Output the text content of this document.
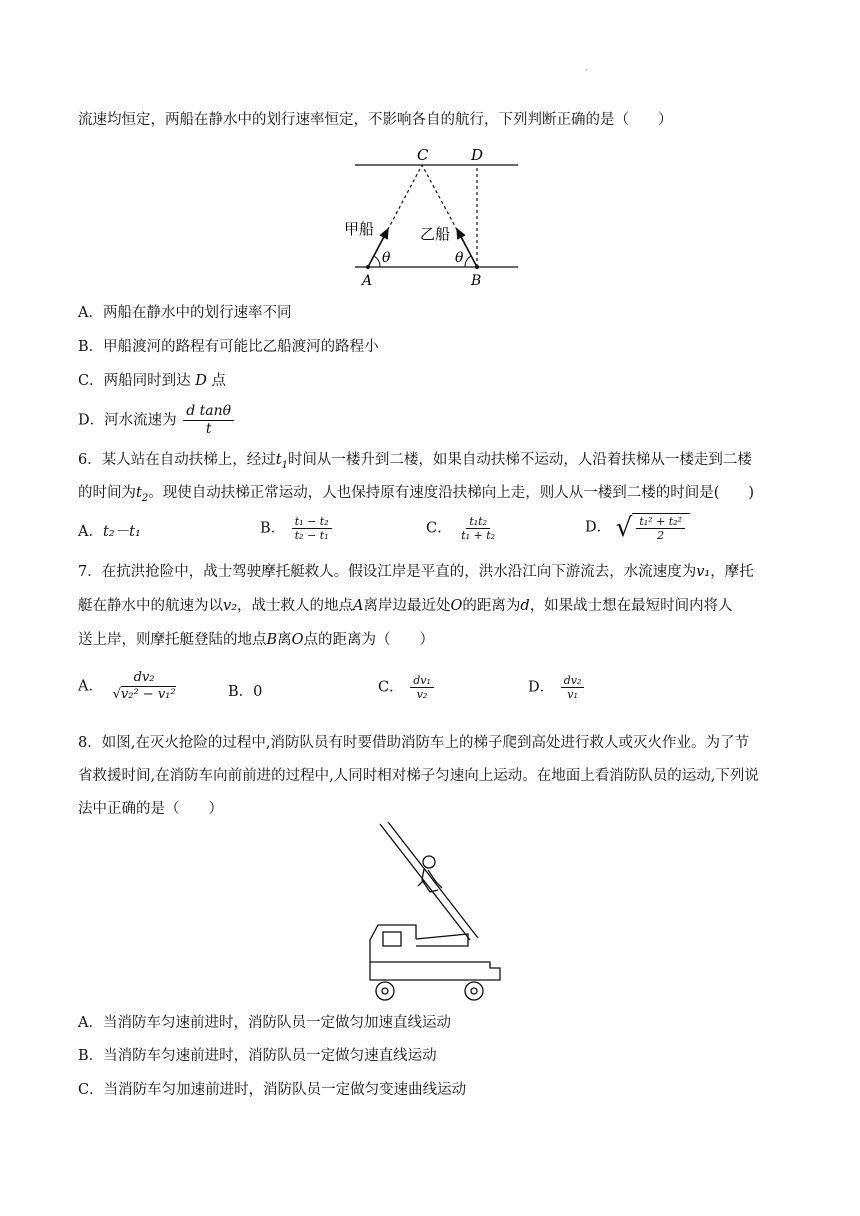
·
流速均恒定，两船在静水中的划行速率恒定，不影响各自的航行，下列判断正确的是（　　）
C	D
A	B
θ	θ
甲船	乙船
A．两船在静水中的划行速率不同
B．甲船渡河的路程有可能比乙船渡河的路程小
C．两船同时到达 D 点
D．河水流速为 $\frac{\text{d tanθ}}{t}$
6．某人站在自动扶梯上，经过$t_1$时间从一楼升到二楼，如果自动扶梯不运动，人沿着扶梯从一楼走到二楼
的时间为$t_2$。现使自动扶梯正常运动，人也保持原有速度沿扶梯向上走，则人从一楼到二楼的时间是(　　)
A．t₂－t₁	B． $\frac{\text{t₁ − t₂}}{\text{t₂ − t₁}}$	C． $\frac{\text{t₁t₂}}{\text{t₁ + t₂}}$	D． √ $\frac{\text{t₁² + t₂²}}{2}$
7．在抗洪抢险中，战士驾驶摩托艇救人。假设江岸是平直的，洪水沿江向下游流去，水流速度为v₁，摩托
艇在静水中的航速为以v₂，战士救人的地点A离岸边最近处O的距离为d，如果战士想在最短时间内将人
送上岸，则摩托艇登陆的地点B离O点的距离为（　　）
A． $\frac{\text{dv₂}}{\text{√v₂² − v₁²}}$	B．0	C． $\frac{\text{dv₁}}{\text{v₂}}$	D． $\frac{\text{dv₂}}{\text{v₁}}$
8．如图,在灭火抢险的过程中,消防队员有时要借助消防车上的梯子爬到高处进行救人或灭火作业。为了节
省救援时间,在消防车向前前进的过程中,人同时相对梯子匀速向上运动。在地面上看消防队员的运动,下列说
法中正确的是（　　）
A．当消防车匀速前进时，消防队员一定做匀加速直线运动
B．当消防车匀速前进时，消防队员一定做匀速直线运动
C．当消防车匀加速前进时，消防队员一定做匀变速曲线运动
